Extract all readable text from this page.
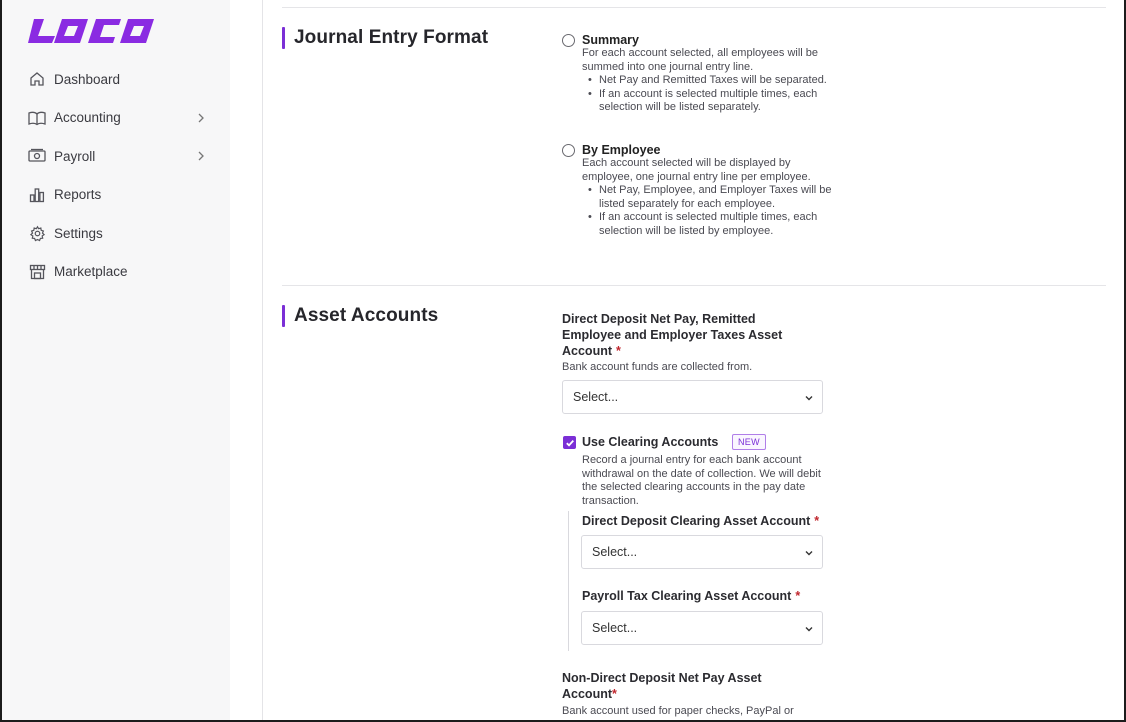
Dashboard
Accounting
Payroll
Reports
Settings
Marketplace
Journal Entry Format	Summary
For each account selected, all employees will be summed into one journal entry line.
• Net Pay and Remitted Taxes will be separated.
• If an account is selected multiple times, each selection will be listed separately.
By Employee
Each account selected will be displayed by employee, one journal entry line per employee.
• Net Pay, Employee, and Employer Taxes will be listed separately for each employee.
• If an account is selected multiple times, each selection will be listed by employee.
Asset Accounts	Direct Deposit Net Pay, Remitted Employee and Employer Taxes Asset Account *
Bank account funds are collected from.
Select...
Use Clearing Accounts	NEW
Record a journal entry for each bank account withdrawal on the date of collection. We will debit the selected clearing accounts in the pay date transaction.
Direct Deposit Clearing Asset Account *
Select...
Payroll Tax Clearing Asset Account *
Select...
Non-Direct Deposit Net Pay Asset Account*
Bank account used for paper checks, PayPal or
